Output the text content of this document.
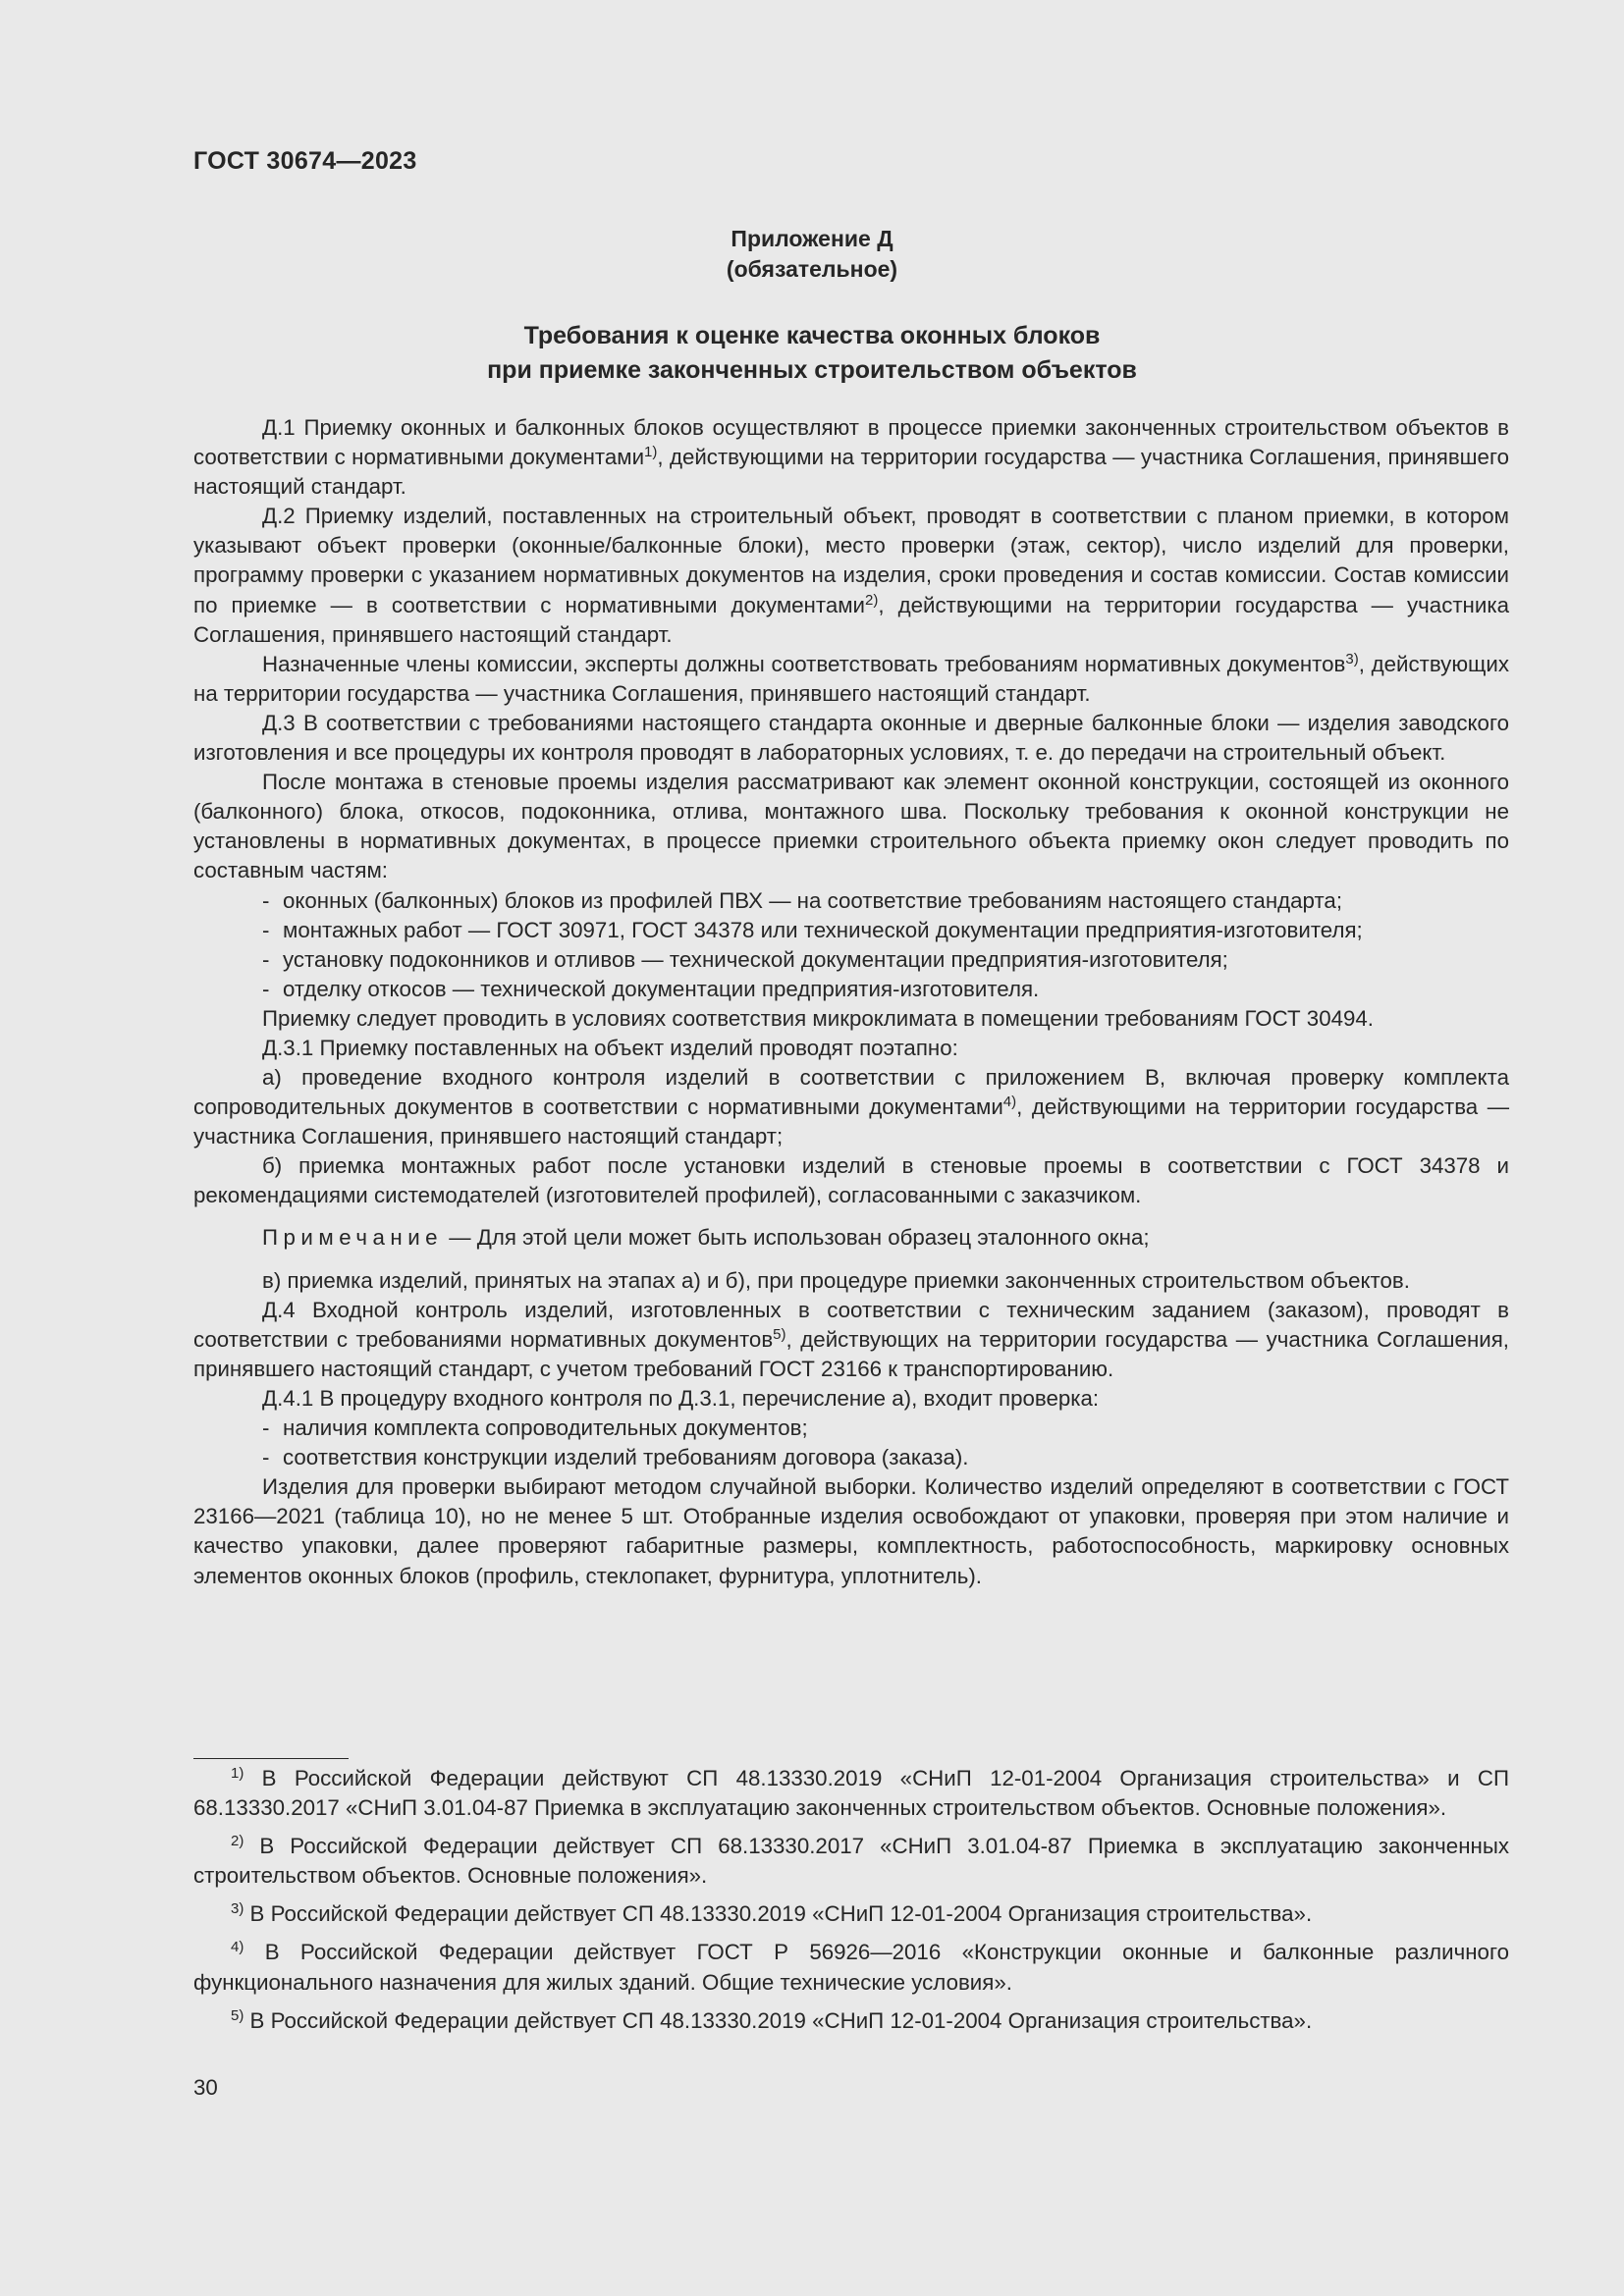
ГОСТ 30674—2023
Приложение Д
(обязательное)
Требования к оценке качества оконных блоков
при приемке законченных строительством объектов

Д.1 Приемку оконных и балконных блоков осуществляют в процессе приемки законченных строительством объектов в соответствии с нормативными документами$^{1)}$, действующими на территории государства — участника Соглашения, принявшего настоящий стандарт.

Д.2 Приемку изделий, поставленных на строительный объект, проводят в соответствии с планом приемки, в котором указывают объект проверки (оконные/балконные блоки), место проверки (этаж, сектор), число изделий для проверки, программу проверки с указанием нормативных документов на изделия, сроки проведения и состав комиссии. Состав комиссии по приемке — в соответствии с нормативными документами$^{2)}$, действующими на территории государства — участника Соглашения, принявшего настоящий стандарт.

Назначенные члены комиссии, эксперты должны соответствовать требованиям нормативных документов$^{3)}$, действующих на территории государства — участника Соглашения, принявшего настоящий стандарт.

Д.3 В соответствии с требованиями настоящего стандарта оконные и дверные балконные блоки — изделия заводского изготовления и все процедуры их контроля проводят в лабораторных условиях, т. е. до передачи на строительный объект.

После монтажа в стеновые проемы изделия рассматривают как элемент оконной конструкции, состоящей из оконного (балконного) блока, откосов, подоконника, отлива, монтажного шва. Поскольку требования к оконной конструкции не установлены в нормативных документах, в процессе приемки строительного объекта приемку окон следует проводить по составным частям:

- оконных (балконных) блоков из профилей ПВХ — на соответствие требованиям настоящего стандарта;

- монтажных работ — ГОСТ 30971, ГОСТ 34378 или технической документации предприятия-изготовителя;

- установку подоконников и отливов — технической документации предприятия-изготовителя;

- отделку откосов — технической документации предприятия-изготовителя.

Приемку следует проводить в условиях соответствия микроклимата в помещении требованиям ГОСТ 30494.

Д.3.1 Приемку поставленных на объект изделий проводят поэтапно:

а) проведение входного контроля изделий в соответствии с приложением В, включая проверку комплекта сопроводительных документов в соответствии с нормативными документами$^{4)}$, действующими на территории государства — участника Соглашения, принявшего настоящий стандарт;

б) приемка монтажных работ после установки изделий в стеновые проемы в соответствии с ГОСТ 34378 и рекомендациями системодателей (изготовителей профилей), согласованными с заказчиком.

Примечание — Для этой цели может быть использован образец эталонного окна;

в) приемка изделий, принятых на этапах а) и б), при процедуре приемки законченных строительством объектов.

Д.4 Входной контроль изделий, изготовленных в соответствии с техническим заданием (заказом), проводят в соответствии с требованиями нормативных документов$^{5)}$, действующих на территории государства — участника Соглашения, принявшего настоящий стандарт, с учетом требований ГОСТ 23166 к транспортированию.

Д.4.1 В процедуру входного контроля по Д.3.1, перечисление а), входит проверка:

- наличия комплекта сопроводительных документов;

- соответствия конструкции изделий требованиям договора (заказа).

Изделия для проверки выбирают методом случайной выборки. Количество изделий определяют в соответствии с ГОСТ 23166—2021 (таблица 10), но не менее 5 шт. Отобранные изделия освобождают от упаковки, проверяя при этом наличие и качество упаковки, далее проверяют габаритные размеры, комплектность, работоспособность, маркировку основных элементов оконных блоков (профиль, стеклопакет, фурнитура, уплотнитель).

$^{1)}$ В Российской Федерации действуют СП 48.13330.2019 «СНиП 12-01-2004 Организация строительства» и СП 68.13330.2017 «СНиП 3.01.04-87 Приемка в эксплуатацию законченных строительством объектов. Основные положения».

$^{2)}$ В Российской Федерации действует СП 68.13330.2017 «СНиП 3.01.04-87 Приемка в эксплуатацию законченных строительством объектов. Основные положения».

$^{3)}$ В Российской Федерации действует СП 48.13330.2019 «СНиП 12-01-2004 Организация строительства».

$^{4)}$ В Российской Федерации действует ГОСТ Р 56926—2016 «Конструкции оконные и балконные различного функционального назначения для жилых зданий. Общие технические условия».

$^{5)}$ В Российской Федерации действует СП 48.13330.2019 «СНиП 12-01-2004 Организация строительства».

30
